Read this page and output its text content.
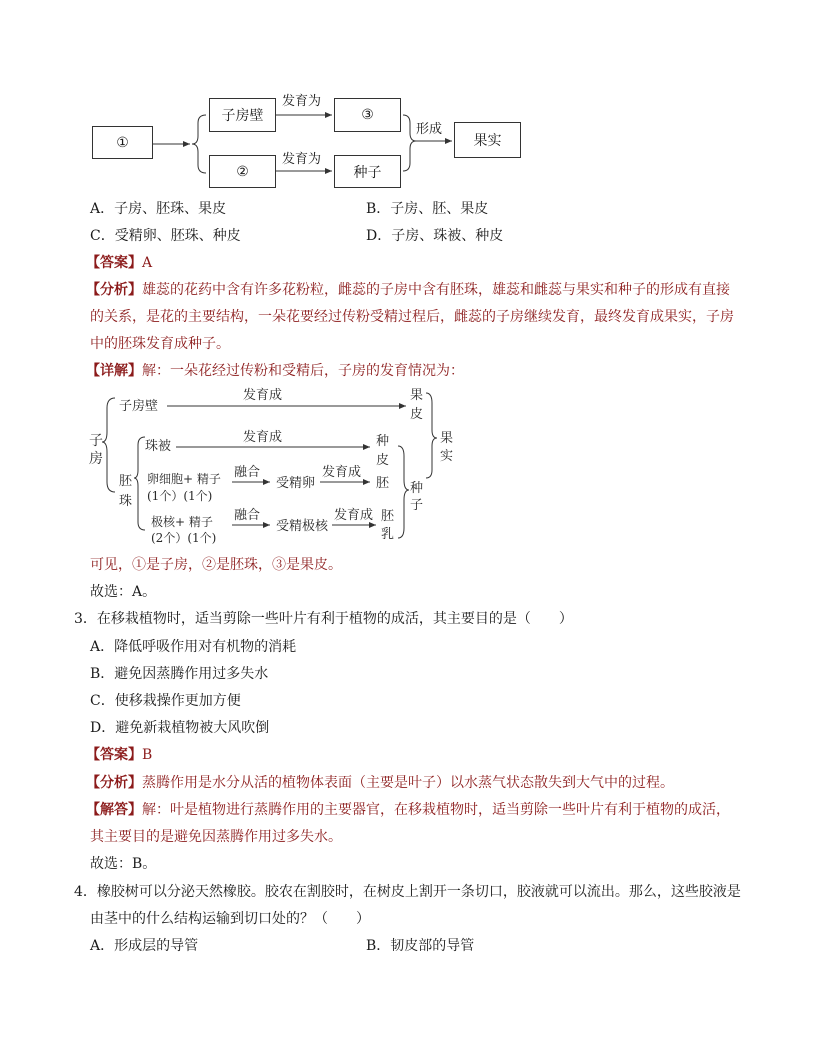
①
子房壁	③
②	种子
果实
发育为
发育为
形成
A．子房、胚珠、果皮	B．子房、胚、果皮
C．受精卵、胚珠、种皮	D．子房、珠被、种皮
【答案】A
【分析】雄蕊的花药中含有许多花粉粒，雌蕊的子房中含有胚珠，雄蕊和雌蕊与果实和种子的形成有直接
的关系，是花的主要结构，一朵花要经过传粉受精过程后，雌蕊的子房继续发育，最终发育成果实，子房
中的胚珠发育成种子。
【详解】解：一朵花经过传粉和受精后，子房的发育情况为：
子房
子房壁
发育成	果皮
珠被
发育成	种皮
果实
胚珠
卵细胞+ 精子
(1个）(1个)
融合
受精卵
发育成
胚 种子
极核+ 精子
(2个）(1个)
融合
受精极核
发育成 胚乳
可见，①是子房，②是胚珠，③是果皮。
故选：A。
3．在移栽植物时，适当剪除一些叶片有利于植物的成活，其主要目的是（　　）
A．降低呼吸作用对有机物的消耗
B．避免因蒸腾作用过多失水
C．使移栽操作更加方便
D．避免新栽植物被大风吹倒
【答案】B
【分析】蒸腾作用是水分从活的植物体表面（主要是叶子）以水蒸气状态散失到大气中的过程。
【解答】解：叶是植物进行蒸腾作用的主要器官，在移栽植物时，适当剪除一些叶片有利于植物的成活，
其主要目的是避免因蒸腾作用过多失水。
故选：B。
4．橡胶树可以分泌天然橡胶。胶农在割胶时，在树皮上割开一条切口，胶液就可以流出。那么，这些胶液是
由茎中的什么结构运输到切口处的？（　　）
A．形成层的导管	B．韧皮部的导管
